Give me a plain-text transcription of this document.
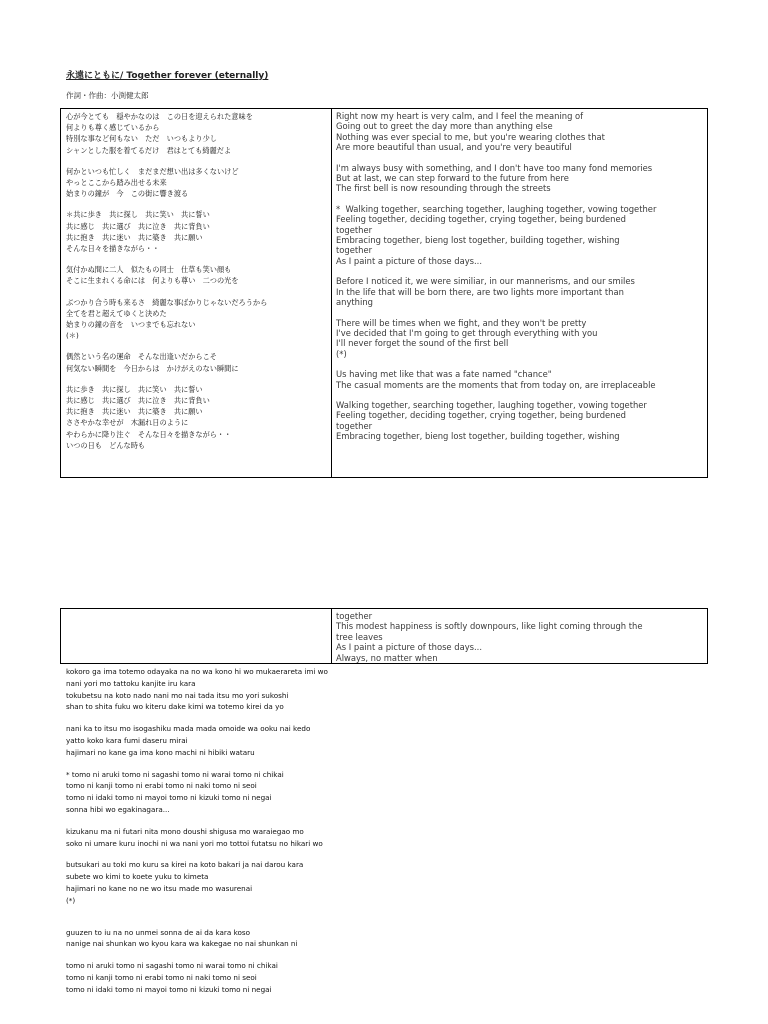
永遠にともに/ Together forever (eternally)
作詞・作曲：小渕健太郎
心が今とても　穏やかなのは　この日を迎えられた意味を
何よりも尊く感じているから
特別な事など何もない　ただ　いつもより少し
シャンとした服を着てるだけ　君はとても綺麗だよ
何かといつも忙しく　まだまだ想い出は多くないけど
やっとここから踏み出せる未来
始まりの鐘が　今　この街に響き渡る
＊共に歩き　共に探し　共に笑い　共に誓い
共に感じ　共に選び　共に泣き　共に背負い
共に抱き　共に迷い　共に築き　共に願い
そんな日々を描きながら・・
気付かぬ間に二人　似たもの同士　仕草も笑い顔も
そこに生まれくる命には　何よりも尊い　二つの光を
ぶつかり合う時も来るさ　綺麗な事ばかりじゃないだろうから
全てを君と超えてゆくと決めた
始まりの鐘の音を　いつまでも忘れない
(＊)
偶然という名の運命　そんな出逢いだからこそ
何気ない瞬間を　今日からは　かけがえのない瞬間に
共に歩き　共に探し　共に笑い　共に誓い
共に感じ　共に選び　共に泣き　共に背負い
共に抱き　共に迷い　共に築き　共に願い
ささやかな幸せが　木漏れ日のように
やわらかに降り注ぐ　そんな日々を描きながら・・
いつの日も　どんな時も
Right now my heart is very calm, and I feel the meaning of
Going out to greet the day more than anything else
Nothing was ever special to me, but you're wearing clothes that
Are more beautiful than usual, and you're very beautiful
I'm always busy with something, and I don't have too many fond memories
But at last, we can step forward to the future from here
The first bell is now resounding through the streets
*  Walking together, searching together, laughing together, vowing together
Feeling together, deciding together, crying together, being burdened
together
Embracing together, bieng lost together, building together, wishing
together
As I paint a picture of those days...
Before I noticed it, we were similiar, in our mannerisms, and our smiles
In the life that will be born there, are two lights more important than
anything
There will be times when we fight, and they won't be pretty
I've decided that I'm going to get through everything with you
I'll never forget the sound of the first bell
(*)
Us having met like that was a fate named "chance"
The casual moments are the moments that from today on, are irreplaceable
Walking together, searching together, laughing together, vowing together
Feeling together, deciding together, crying together, being burdened
together
Embracing together, bieng lost together, building together, wishing
together
This modest happiness is softly downpours, like light coming through the
tree leaves
As I paint a picture of those days...
Always, no matter when
kokoro ga ima totemo odayaka na no wa kono hi wo mukaerareta imi wo
nani yori mo tattoku kanjite iru kara
tokubetsu na koto nado nani mo nai tada itsu mo yori sukoshi
shan to shita fuku wo kiteru dake kimi wa totemo kirei da yo
nani ka to itsu mo isogashiku mada mada omoide wa ooku nai kedo
yatto koko kara fumi daseru mirai
hajimari no kane ga ima kono machi ni hibiki wataru
* tomo ni aruki tomo ni sagashi tomo ni warai tomo ni chikai
tomo ni kanji tomo ni erabi tomo ni naki tomo ni seoi
tomo ni idaki tomo ni mayoi tomo ni kizuki tomo ni negai
sonna hibi wo egakinagara...
kizukanu ma ni futari nita mono doushi shigusa mo waraiegao mo
soko ni umare kuru inochi ni wa nani yori mo tottoi futatsu no hikari wo
butsukari au toki mo kuru sa kirei na koto bakari ja nai darou kara
subete wo kimi to koete yuku to kimeta
hajimari no kane no ne wo itsu made mo wasurenai
(*)
guuzen to iu na no unmei sonna de ai da kara koso
nanige nai shunkan wo kyou kara wa kakegae no nai shunkan ni
tomo ni aruki tomo ni sagashi tomo ni warai tomo ni chikai
tomo ni kanji tomo ni erabi tomo ni naki tomo ni seoi
tomo ni idaki tomo ni mayoi tomo ni kizuki tomo ni negai
